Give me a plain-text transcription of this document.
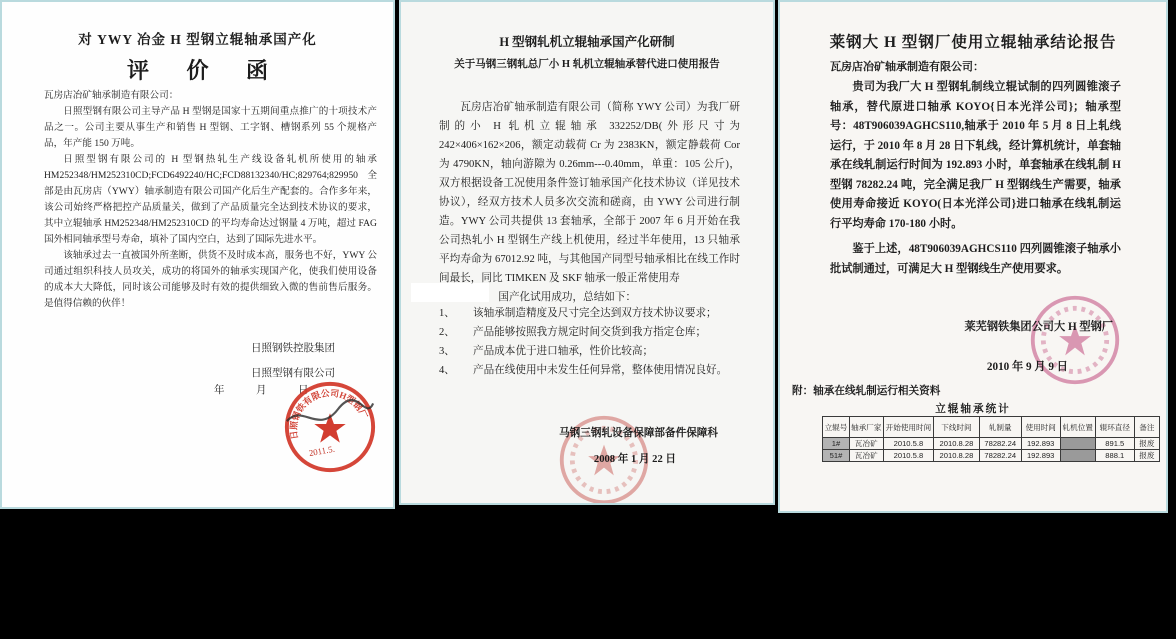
对 YWY 冶金 H 型钢立辊轴承国产化
评 价 函

瓦房店冶矿轴承制造有限公司：

日照型钢有限公司主导产品 H 型钢是国家十五期间重点推广的十项技术产品之一。公司主要从事生产和销售 H 型钢、工字钢、槽钢系列 55 个规格产品，年产能 150 万吨。

日照型钢有限公司的 H 型钢热轧生产线设备轧机所使用的轴承 HM252348/HM252310CD;FCD6492240/HC;FCD88132340/HC;829764;829950 全部是由瓦房店（YWY）轴承制造有限公司国产化后生产配套的。合作多年来，该公司始终严格把控产品质量关，做到了产品质量完全达到技术协议的要求，其中立辊轴承 HM252348/HM252310CD 的平均寿命达过钢量 4 万吨，超过 FAG 国外相同轴承型号寿命，填补了国内空白，达到了国际先进水平。

该轴承过去一直被国外所垄断，供货不及时成本高，服务也不好，YWY 公司通过组织科技人员攻关，成功的将国外的轴承实现国产化，使我们使用设备的成本大大降低，同时该公司能够及时有效的提供细致入微的售前售后服务。是值得信赖的伙伴！

日照钢铁控股集团
日照型钢有限公司
年　　　月　　　日
日照钢铁有限公司H型钢厂
2011.5.
H 型钢轧机立辊轴承国产化研制
关于马钢三钢轧总厂小 H 轧机立辊轴承替代进口使用报告

瓦房店冶矿轴承制造有限公司（简称 YWY 公司）为我厂研制的小 H 轧机立辊轴承 332252/DB(外形尺寸为 242×406×162×206，额定动载荷 Cr 为 2383KN，额定静载荷 Cor 为 4790KN，轴向游隙为 0.26mm---0.40mm，单重：105 公斤)，双方根据设备工况使用条件签订轴承国产化技术协议（详见技术协议），经双方技术人员多次交流和磋商，由 YWY 公司进行制造。YWY 公司共提供 13 套轴承，全部于 2007 年 6 月开始在我公司热轧小 H 型钢生产线上机使用，经过半年使用，13 只轴承平均寿命为 67012.92 吨，与其他国产同型号轴承相比在线工作时间最长，同比 TIMKEN 及 SKF 轴承一般正常使用寿

国产化试用成功，总结如下：

1、	该轴承制造精度及尺寸完全达到双方技术协议要求；
2、	产品能够按照我方规定时间交货到我方指定仓库；
3、	产品成本优于进口轴承，性价比较高；
4、	产品在线使用中未发生任何异常，整体使用情况良好。
马钢三钢轧设备保障部备件保障科
2008 年 1 月 22 日
莱钢大 H 型钢厂使用立辊轴承结论报告
瓦房店冶矿轴承制造有限公司：

贵司为我厂大 H 型钢轧制线立辊试制的四列圆锥滚子轴承，替代原进口轴承 KOYO{日本光洋公司}；轴承型号：48T906039AGHCS110,轴承于 2010 年 5 月 8 日上轧线运行，于 2010 年 8 月 28 日下轧线，经计算机统计，单套轴承在线轧制运行时间为 192.893 小时，单套轴承在线轧制 H 型钢 78282.24 吨，完全满足我厂 H 型钢线生产需要，轴承使用寿命接近 KOYO(日本光洋公司}进口轴承在线轧制运行平均寿命 170-180 小时。

鉴于上述，48T906039AGHCS110 四列圆锥滚子轴承小批试制通过，可满足大 H 型钢线生产使用要求。

莱芜钢铁集团公司大 H 型钢厂
2010 年 9 月 9 日
附：轴承在线轧制运行相关资料
立辊轴承统计
立辊号	轴承厂家	开始使用时间	下线时间	轧制量	使用时间	轧机位置	辊环直径	备注
1#	瓦冶矿	2010.5.8	2010.8.28	78282.24	192.893		891.5	报废
51#	瓦冶矿	2010.5.8	2010.8.28	78282.24	192.893		888.1	报废
